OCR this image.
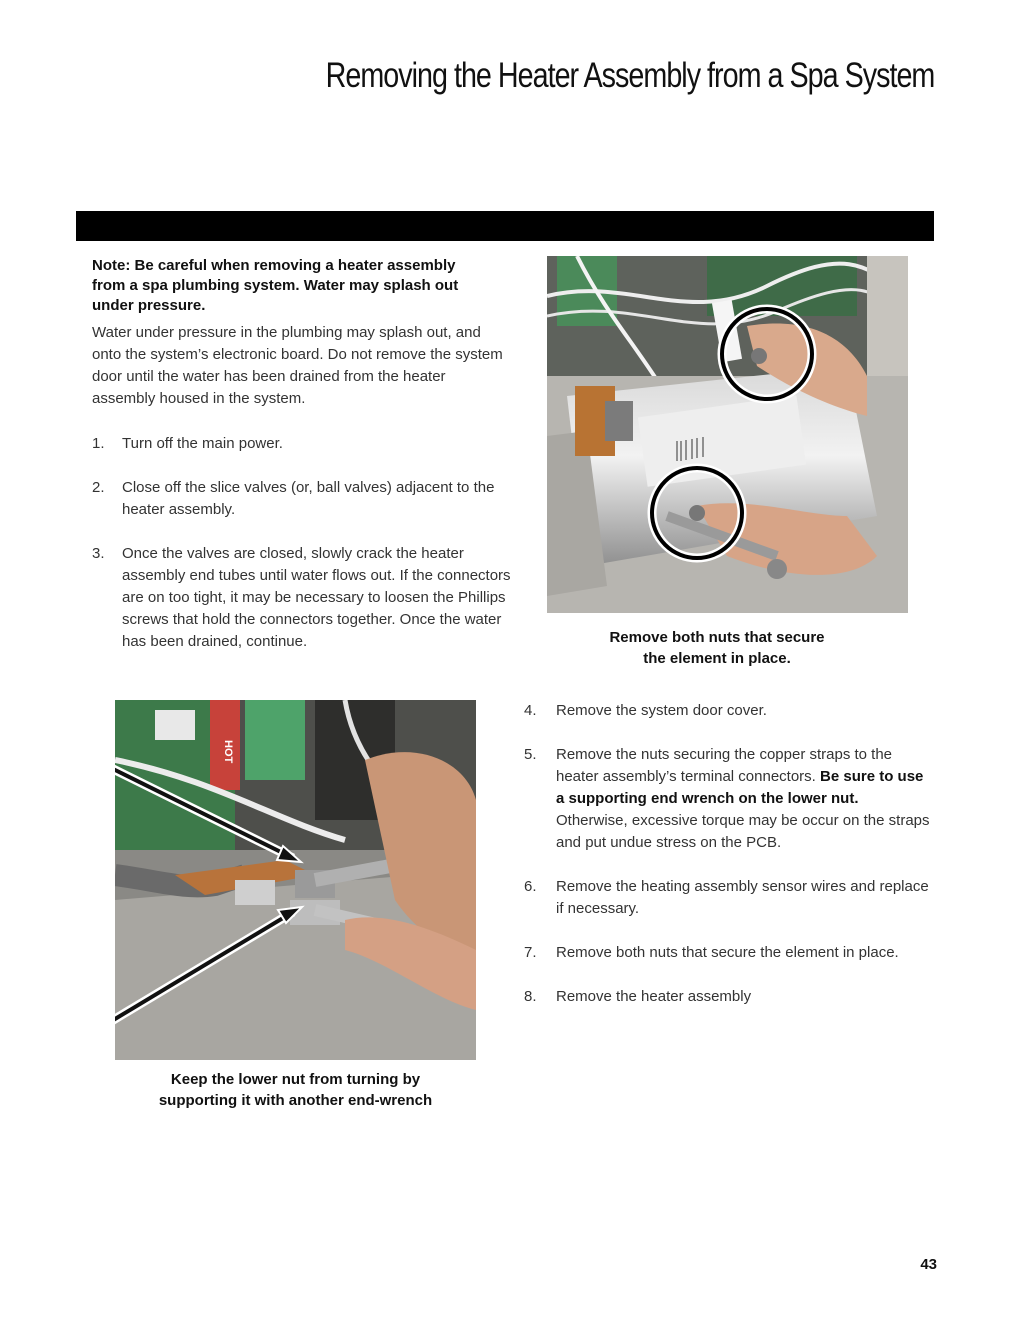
Removing the Heater Assembly from a Spa System
Note: Be careful when removing a heater assembly from a spa plumbing system. Water may splash out under pressure.
Water under pressure in the plumbing may splash out, and onto the system’s electronic board. Do not remove the system door until the water has been drained from the heater assembly housed in the system.
1.	Turn off the main power.
2.	Close off the slice valves (or, ball valves) adjacent to the heater assembly.
3.	Once the valves are closed, slowly crack the heater assembly end tubes until water flows out. If the connectors are on too tight, it may be necessary to loosen the Phillips screws that hold the connectors together. Once the water has been drained, continue.	Remove both nuts that secure
the element in place.
HOT
Keep the lower nut from turning by
supporting it with another end-wrench
4.	Remove the system door cover.
5.	Remove the nuts securing the copper straps to the heater assembly’s terminal connectors. Be sure to use a supporting end wrench on the lower nut. Otherwise, excessive torque may be occur on the straps and put undue stress on the PCB.
6.	Remove the heating assembly sensor wires and replace if necessary.
7.	Remove both nuts that secure the element in place.
8.	Remove the heater assembly
43
